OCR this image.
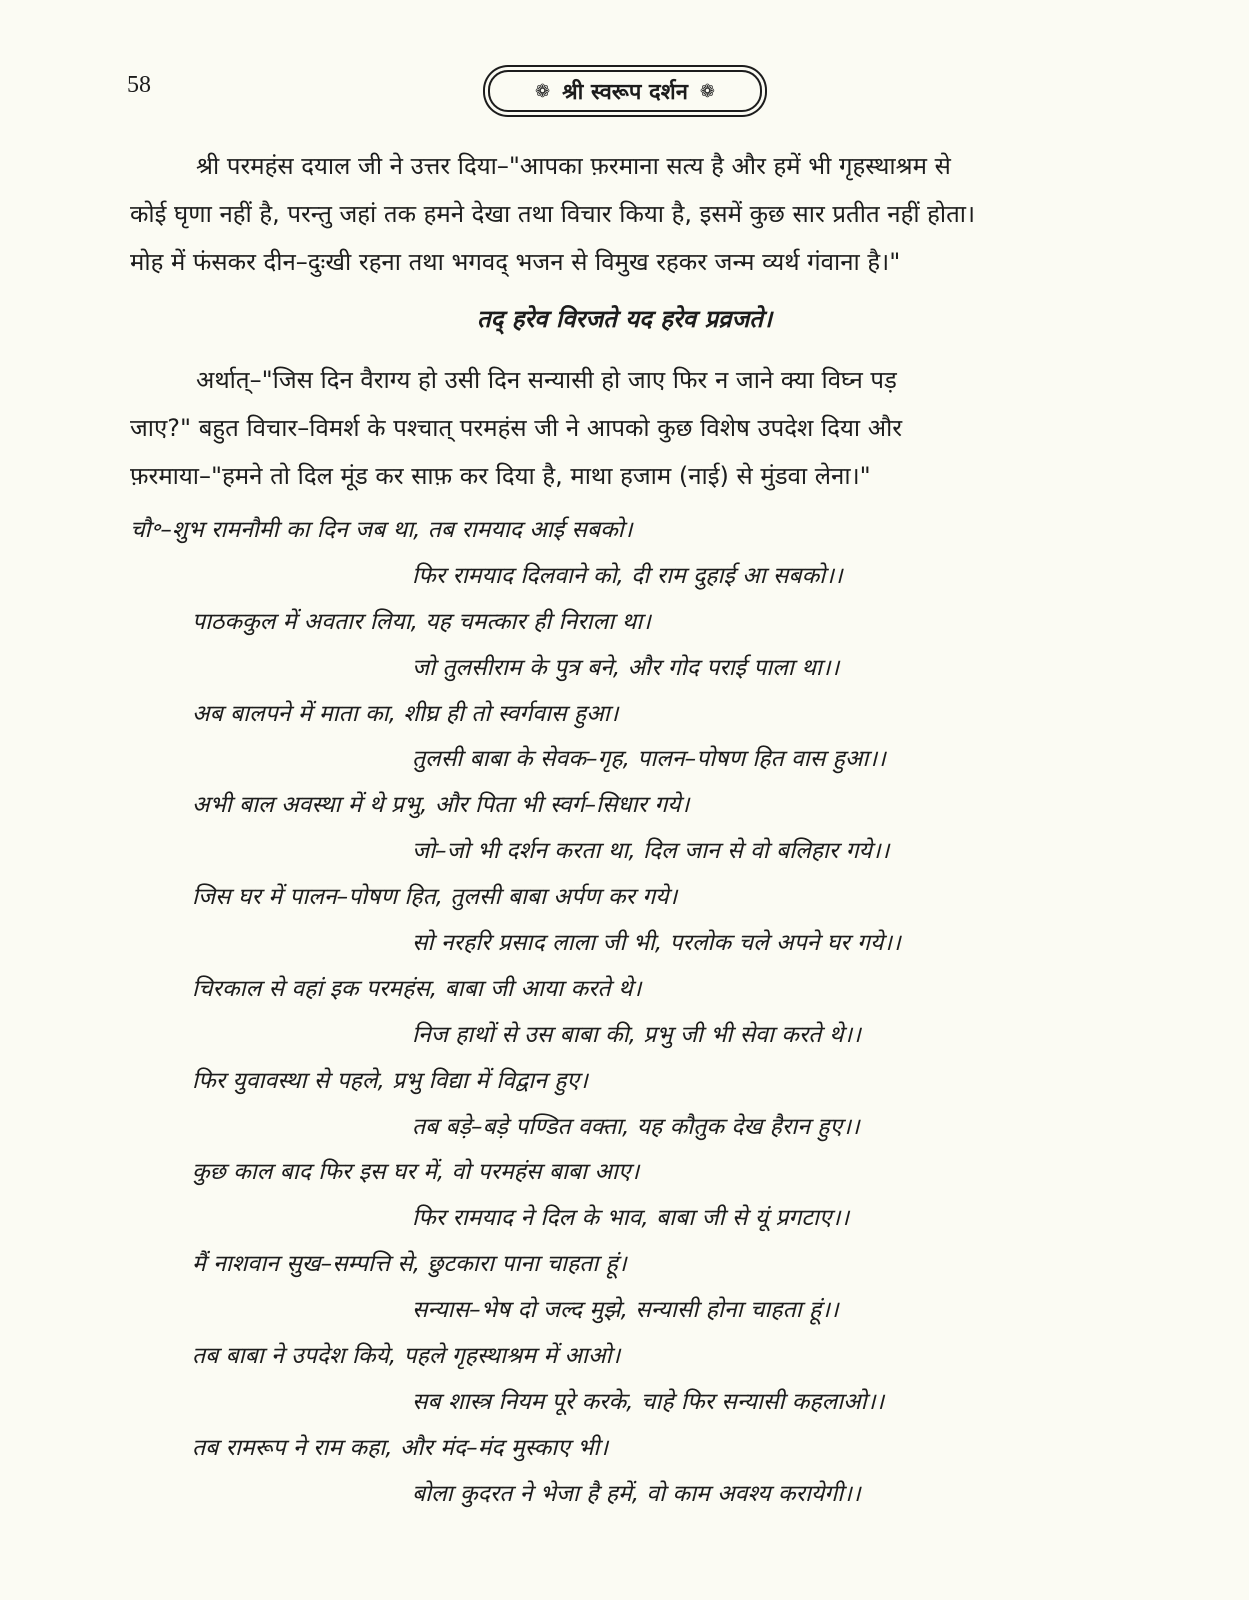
58	❁ श्री स्वरूप दर्शन ❁

श्री परमहंस दयाल जी ने उत्तर दिया–"आपका फ़रमाना सत्य है और हमें भी गृहस्थाश्रम से
कोई घृणा नहीं है, परन्तु जहां तक हमने देखा तथा विचार किया है, इसमें कुछ सार प्रतीत नहीं होता।
मोह में फंसकर दीन–दुःखी रहना तथा भगवद् भजन से विमुख रहकर जन्म व्यर्थ गंवाना है।"

तद् हरेव विरजते यद हरेव प्रव्रजते।

अर्थात्–"जिस दिन वैराग्य हो उसी दिन सन्यासी हो जाए फिर न जाने क्या विघ्न पड़
जाए?" बहुत विचार–विमर्श के पश्चात् परमहंस जी ने आपको कुछ विशेष उपदेश दिया और
फ़रमाया–"हमने तो दिल मूंड कर साफ़ कर दिया है, माथा हजाम (नाई) से मुंडवा लेना।"

चौ॰–शुभ रामनौमी का दिन जब था, तब रामयाद आई सबको।
फिर रामयाद दिलवाने को, दी राम दुहाई आ सबको।।
पाठककुल में अवतार लिया, यह चमत्कार ही निराला था।
जो तुलसीराम के पुत्र बने, और गोद पराई पाला था।।
अब बालपने में माता का, शीघ्र ही तो स्वर्गवास हुआ।
तुलसी बाबा के सेवक–गृह, पालन–पोषण हित वास हुआ।।
अभी बाल अवस्था में थे प्रभु, और पिता भी स्वर्ग–सिधार गये।
जो–जो भी दर्शन करता था, दिल जान से वो बलिहार गये।।
जिस घर में पालन–पोषण हित, तुलसी बाबा अर्पण कर गये।
सो नरहरि प्रसाद लाला जी भी, परलोक चले अपने घर गये।।
चिरकाल से वहां इक परमहंस, बाबा जी आया करते थे।
निज हाथों से उस बाबा की, प्रभु जी भी सेवा करते थे।।
फिर युवावस्था से पहले, प्रभु विद्या में विद्वान हुए।
तब बड़े–बड़े पण्डित वक्ता, यह कौतुक देख हैरान हुए।।
कुछ काल बाद फिर इस घर में, वो परमहंस बाबा आए।
फिर रामयाद ने दिल के भाव, बाबा जी से यूं प्रगटाए।।
मैं नाशवान सुख–सम्पत्ति से, छुटकारा पाना चाहता हूं।
सन्यास–भेष दो जल्द मुझे, सन्यासी होना चाहता हूं।।
तब बाबा ने उपदेश किये, पहले गृहस्थाश्रम में आओ।
सब शास्त्र नियम पूरे करके, चाहे फिर सन्यासी कहलाओ।।
तब रामरूप ने राम कहा, और मंद–मंद मुस्काए भी।
बोला कुदरत ने भेजा है हमें, वो काम अवश्य करायेगी।।
